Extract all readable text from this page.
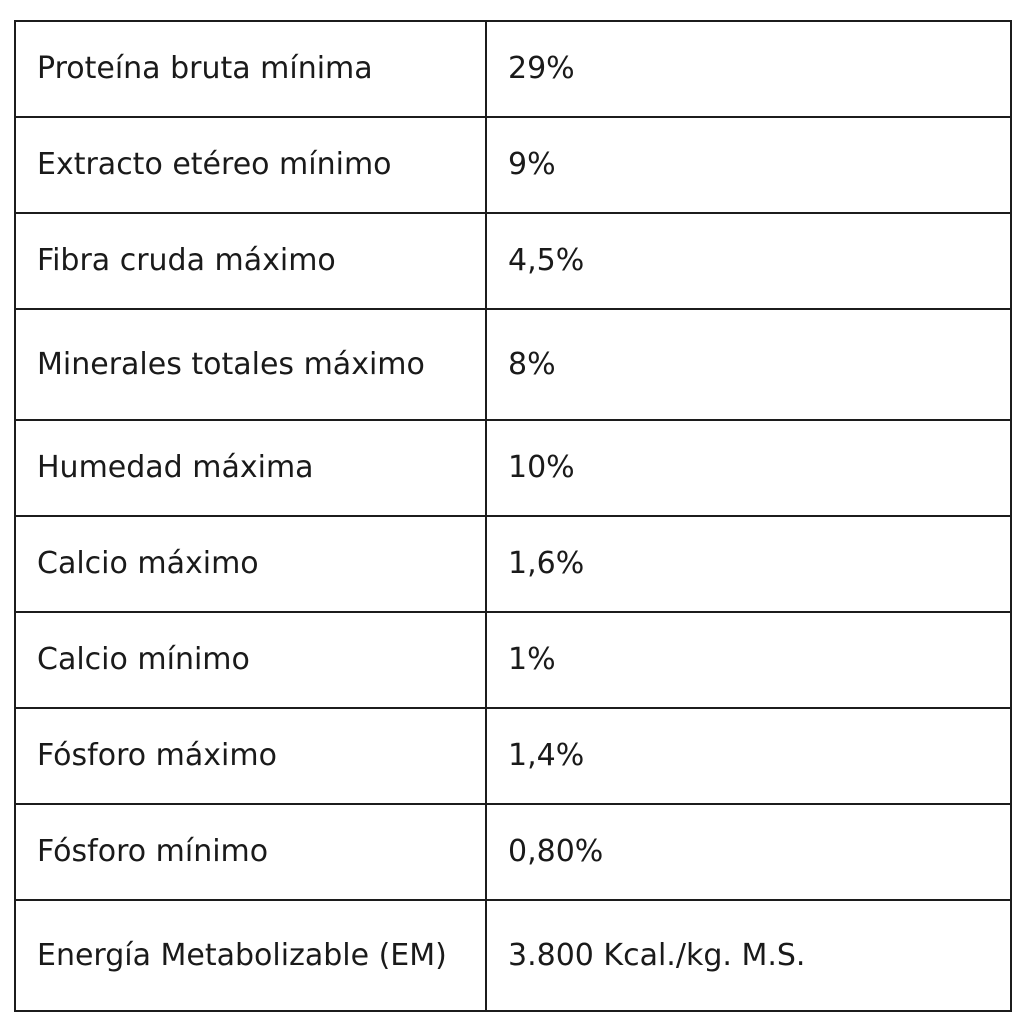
Proteína bruta mínima	29%
Extracto etéreo mínimo	9%
Fibra cruda máximo	4,5%
Minerales totales máximo	8%
Humedad máxima	10%
Calcio máximo	1,6%
Calcio mínimo	1%
Fósforo máximo	1,4%
Fósforo mínimo	0,80%
Energía Metabolizable (EM)	3.800 Kcal./kg. M.S.
